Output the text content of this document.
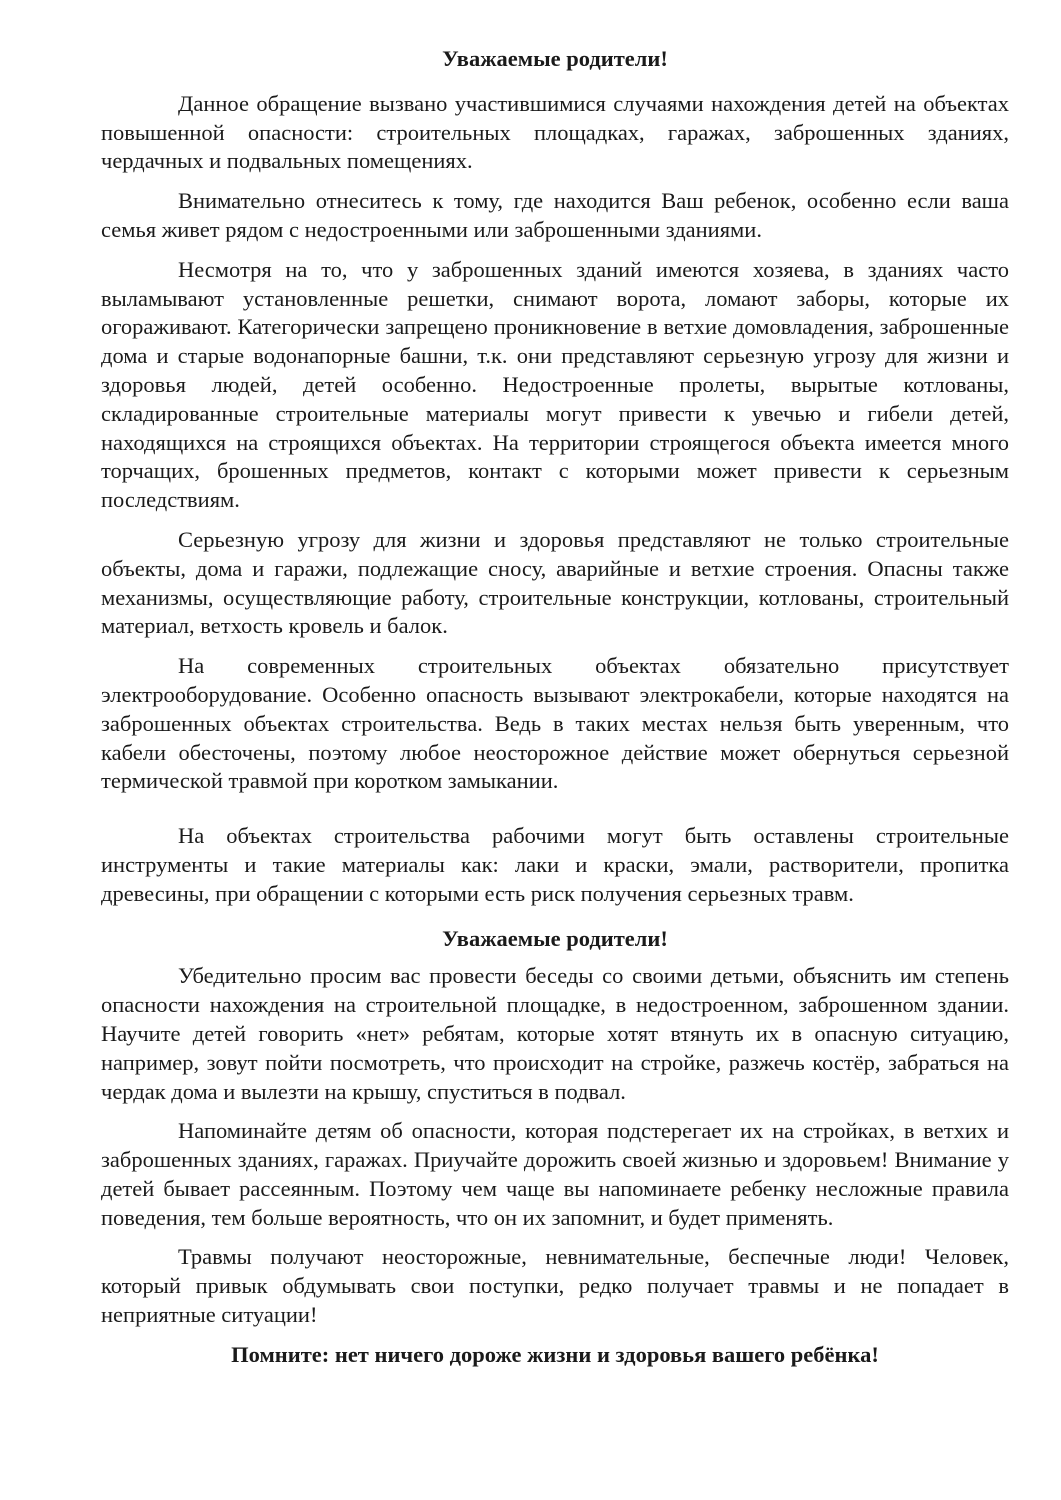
Уважаемые родители!

Данное обращение вызвано участившимися случаями нахождения детей на объектах повышенной опасности: строительных площадках, гаражах, заброшенных зданиях, чердачных и подвальных помещениях.

Внимательно отнеситесь к тому, где находится Ваш ребенок, особенно если ваша семья живет рядом с недостроенными или заброшенными зданиями.

Несмотря на то, что у заброшенных зданий имеются хозяева, в зданиях часто выламывают установленные решетки, снимают ворота, ломают заборы, которые их огораживают. Категорически запрещено проникновение в ветхие домовладения, заброшенные дома и старые водонапорные башни, т.к. они представляют серьезную угрозу для жизни и здоровья людей, детей особенно. Недостроенные пролеты, вырытые котлованы, складированные строительные материалы могут привести к увечью и гибели детей, находящихся на строящихся объектах. На территории строящегося объекта имеется много торчащих, брошенных предметов, контакт с которыми может привести к серьезным последствиям.

Серьезную угрозу для жизни и здоровья представляют не только строительные объекты, дома и гаражи, подлежащие сносу, аварийные и ветхие строения. Опасны также механизмы, осуществляющие работу, строительные конструкции, котлованы, строительный материал, ветхость кровель и балок.

На современных строительных объектах обязательно присутствует электрооборудование. Особенно опасность вызывают электрокабели, которые находятся на заброшенных объектах строительства. Ведь в таких местах нельзя быть уверенным, что кабели обесточены, поэтому любое неосторожное действие может обернуться серьезной термической травмой при коротком замыкании.

На объектах строительства рабочими могут быть оставлены строительные инструменты и такие материалы как: лаки и краски, эмали, растворители, пропитка древесины, при обращении с которыми есть риск получения серьезных травм.

Уважаемые родители!

Убедительно просим вас провести беседы со своими детьми, объяснить им степень опасности нахождения на строительной площадке, в недостроенном, заброшенном здании. Научите детей говорить «нет» ребятам, которые хотят втянуть их в опасную ситуацию, например, зовут пойти посмотреть, что происходит на стройке, разжечь костёр, забраться на чердак дома и вылезти на крышу, спуститься в подвал.

Напоминайте детям об опасности, которая подстерегает их на стройках, в ветхих и заброшенных зданиях, гаражах. Приучайте дорожить своей жизнью и здоровьем! Внимание у детей бывает рассеянным. Поэтому чем чаще вы напоминаете ребенку несложные правила поведения, тем больше вероятность, что он их запомнит, и будет применять.

Травмы получают неосторожные, невнимательные, беспечные люди! Человек, который привык обдумывать свои поступки, редко получает травмы и не попадает в неприятные ситуации!

Помните: нет ничего дороже жизни и здоровья вашего ребёнка!
